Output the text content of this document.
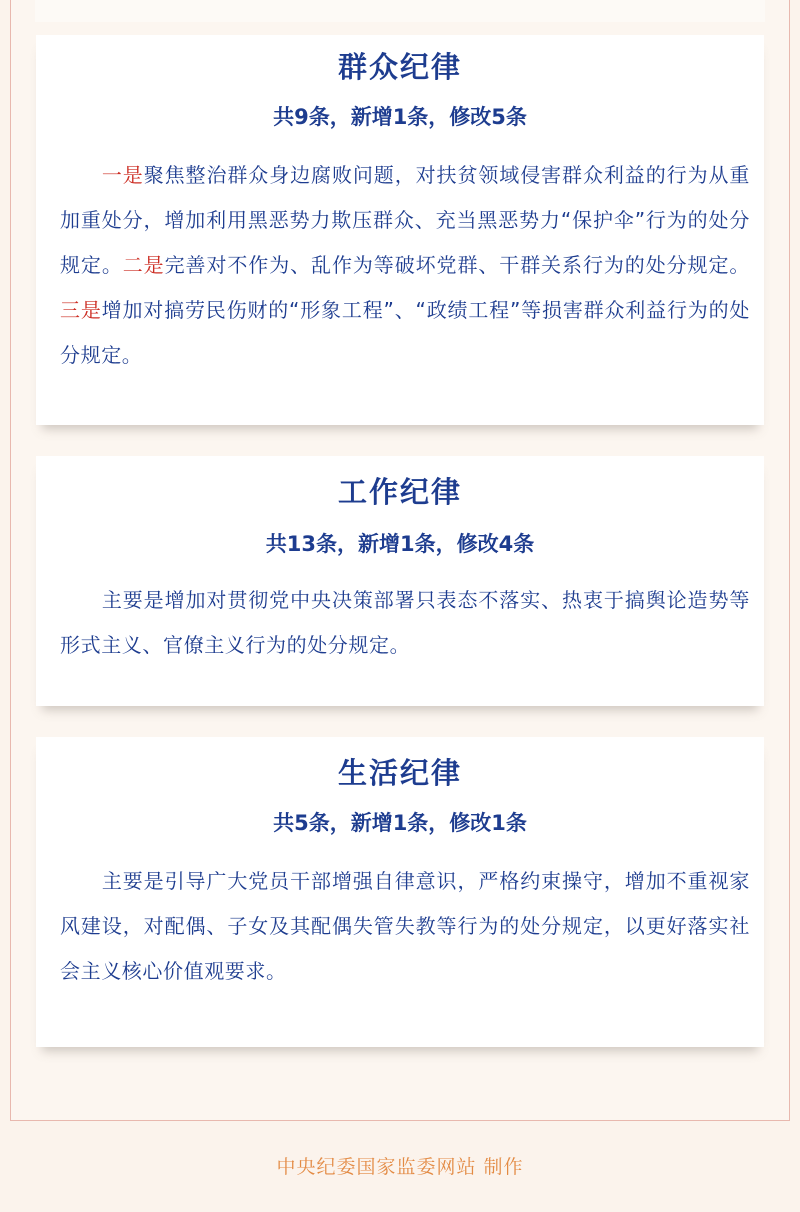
群众纪律
共9条，新增1条，修改5条
　　一是聚焦整治群众身边腐败问题，对扶贫领域侵害群众利益的行为从重加重处分，增加利用黑恶势力欺压群众、充当黑恶势力“保护伞”行为的处分规定。二是完善对不作为、乱作为等破坏党群、干群关系行为的处分规定。三是增加对搞劳民伤财的“形象工程”、“政绩工程”等损害群众利益行为的处分规定。
工作纪律
共13条，新增1条，修改4条
　　主要是增加对贯彻党中央决策部署只表态不落实、热衷于搞舆论造势等形式主义、官僚主义行为的处分规定。
生活纪律
共5条，新增1条，修改1条
　　主要是引导广大党员干部增强自律意识，严格约束操守，增加不重视家风建设，对配偶、子女及其配偶失管失教等行为的处分规定，以更好落实社会主义核心价值观要求。
中央纪委国家监委网站 制作
